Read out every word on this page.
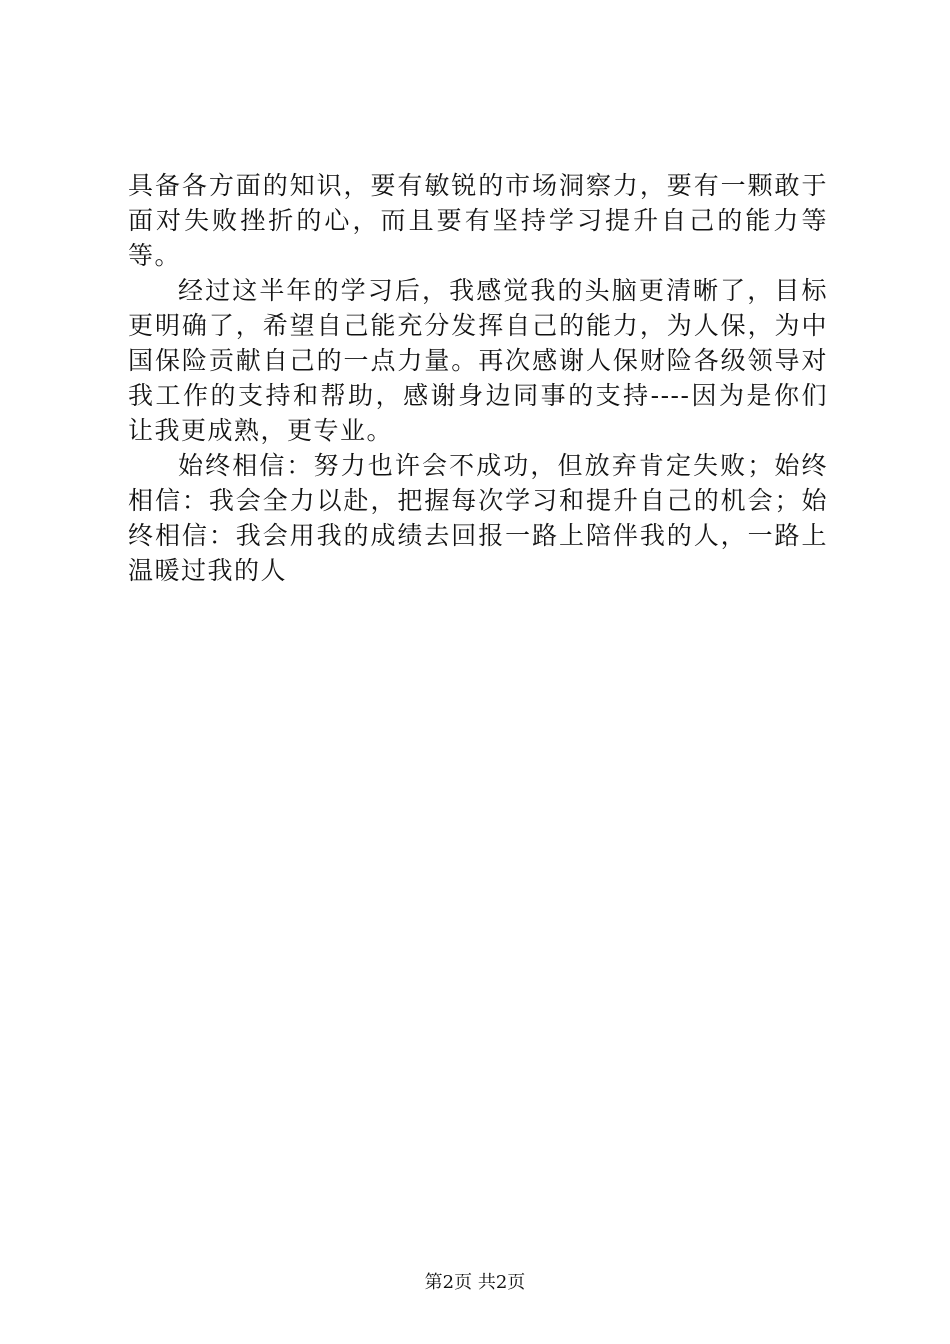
具备各方面的知识，要有敏锐的市场洞察力，要有一颗敢于面对失败挫折的心，而且要有坚持学习提升自己的能力等等。

经过这半年的学习后，我感觉我的头脑更清晰了，目标更明确了，希望自己能充分发挥自己的能力，为人保，为中国保险贡献自己的一点力量。再次感谢人保财险各级领导对我工作的支持和帮助，感谢身边同事的支持----因为是你们让我更成熟，更专业。

始终相信：努力也许会不成功，但放弃肯定失败；始终相信：我会全力以赴，把握每次学习和提升自己的机会；始终相信：我会用我的成绩去回报一路上陪伴我的人，一路上温暖过我的人

第2页 共2页
